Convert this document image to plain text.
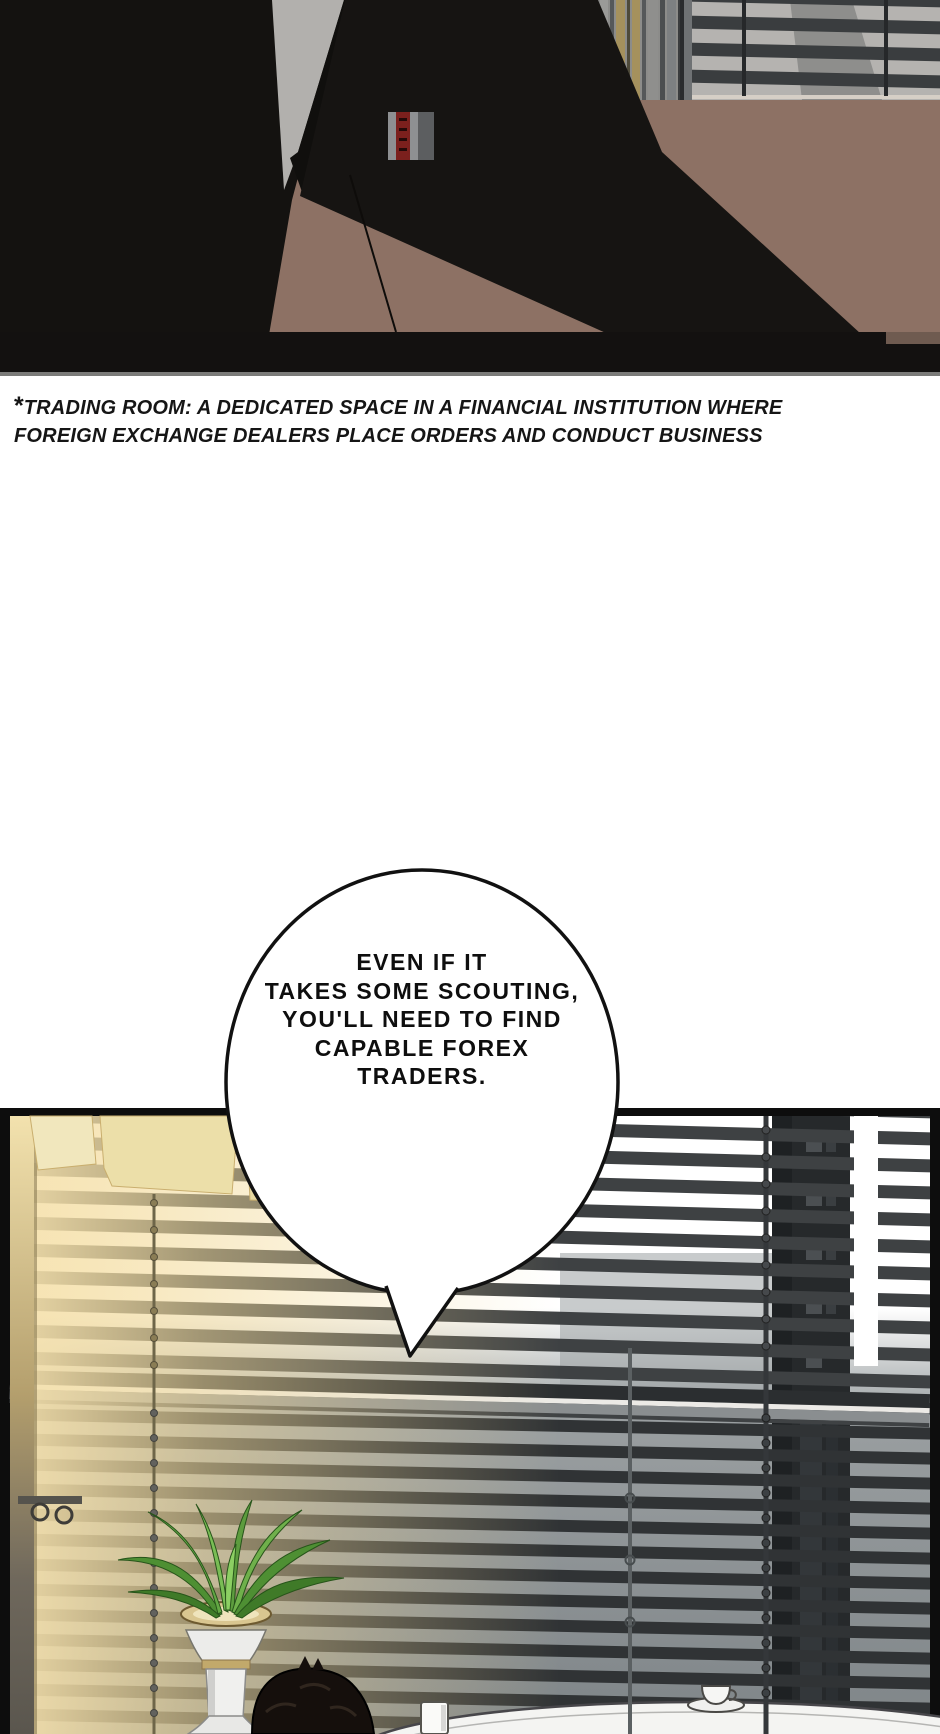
*TRADING ROOM: A DEDICATED SPACE IN A FINANCIAL INSTITUTION WHERE
FOREIGN EXCHANGE DEALERS PLACE ORDERS AND CONDUCT BUSINESS
EVEN IF IT
TAKES SOME SCOUTING,
YOU'LL NEED TO FIND
CAPABLE FOREX
TRADERS.
